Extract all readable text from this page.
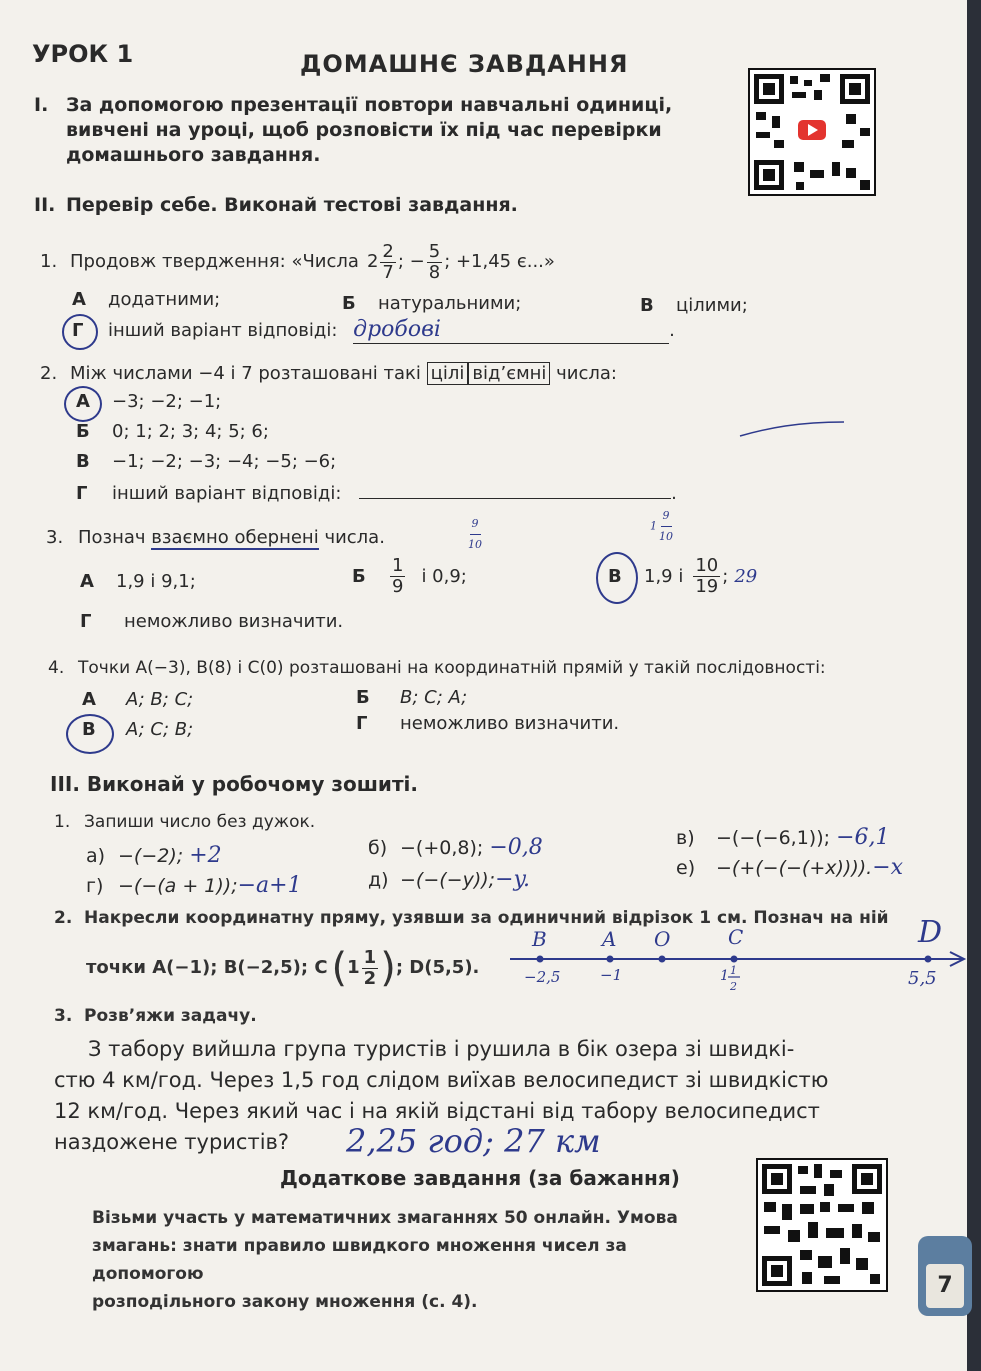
УРОК 1	ДОМАШНЄ ЗАВДАННЯ
I. За допомогою презентації повтори навчальні одиниці,
вивчені на уроці, щоб розповісти їх під час перевірки
домашнього завдання.
II. Перевір себе. Виконай тестові завдання.
1. Продовж твердження: «Числа $2 \frac{2}{7}$ ; − $\frac{5}{8}$ ; +1,45 є...»
А додатними;	Б натуральними;	В цілими;
Г інший варіант відповіді: дробові	.
2. Між числами −4 і 7 розташовані такі цілі від’ємні числа:
А −3; −2; −1;
Б 0; 1; 2; 3; 4; 5; 6;
В −1; −2; −3; −4; −5; −6;
Г інший варіант відповіді:	.
3. Познач взаємно обернені числа.	$\frac{9}{10}$	$1 \frac{9}{10}$
А 1,9 і 9,1;	Б	$\frac{1}{9}$ і 0,9;	В	1,9 і $\frac{10}{19}$ ; 29
Г неможливо визначити.
4. Точки A(−3), B(8) і C(0) розташовані на координатній прямій у такій послідовності:
А A; B; C;	Б B; C; A;
В A; C; B;	Г неможливо визначити.
III. Виконай у робочому зошиті.
1. Запиши число без дужок.
а) −(−2); +2	б) −(+0,8); −0,8	в) −(−(−6,1)); −6,1
г) −(−(a + 1));−a+1	д) −(−(−y));−y.	е) −(+(−(−(+x)))).−x
2. Накресли координатну пряму, узявши за одиничний відрізок 1 см. Познач на ній
точки A(−1); B(−2,5); C ( $1 \frac{1}{2}$ ) ; D(5,5).
B	A O	C	D
−2,5	−1	1 1
2	5,5
3. Розв’яжи задачу.
З табору вийшла група туристів і рушила в бік озера зі швидкі-
стю 4 км/год. Через 1,5 год слідом виїхав велосипедист зі швидкістю
12 км/год. Через який час і на якій відстані від табору велосипедист
наздожене туристів?	2,25 год; 27 км
Додаткове завдання (за бажання)
Візьми участь у математичних змаганнях 50 онлайн. Умова
змагань: знати правило швидкого множення чисел за допомогою
розподільного закону множення (с. 4).
7
